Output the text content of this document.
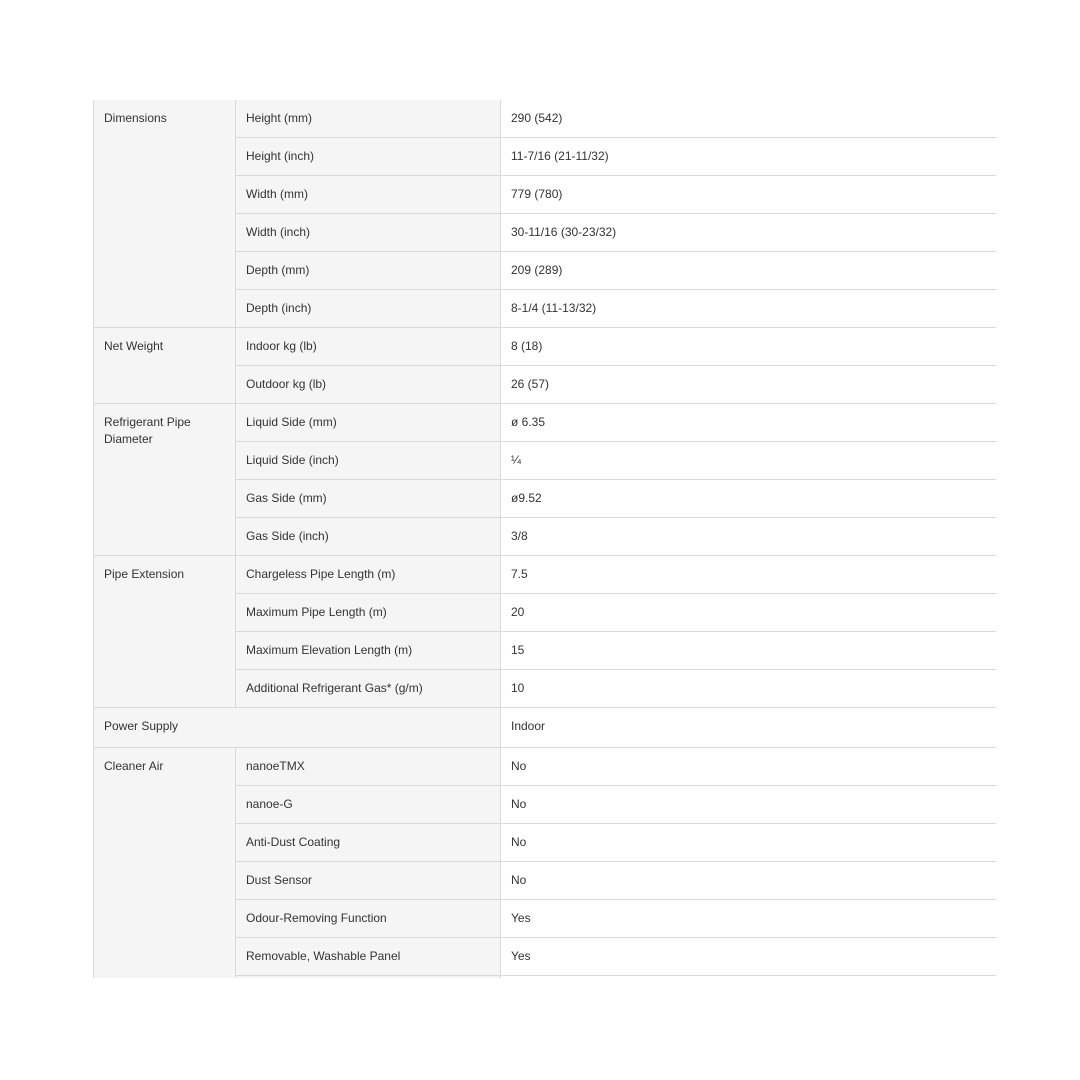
Dimensions	Height (mm)	290 (542)
	Height (inch)	11-7/16 (21-11/32)
	Width (mm)	779 (780)
	Width (inch)	30-11/16 (30-23/32)
	Depth (mm)	209 (289)
	Depth (inch)	8-1/4 (11-13/32)
Net Weight	Indoor kg (lb)	8 (18)
	Outdoor kg (lb)	26 (57)
Refrigerant Pipe Diameter	Liquid Side (mm)	ø 6.35
	Liquid Side (inch)	¼
	Gas Side (mm)	ø9.52
	Gas Side (inch)	3/8
Pipe Extension	Chargeless Pipe Length (m)	7.5
	Maximum Pipe Length (m)	20
	Maximum Elevation Length (m)	15
	Additional Refrigerant Gas* (g/m)	10
Power Supply		Indoor
Cleaner Air	nanoeTMX	No
	nanoe-G	No
	Anti-Dust Coating	No
	Dust Sensor	No
	Odour-Removing Function	Yes
	Removable, Washable Panel	Yes
